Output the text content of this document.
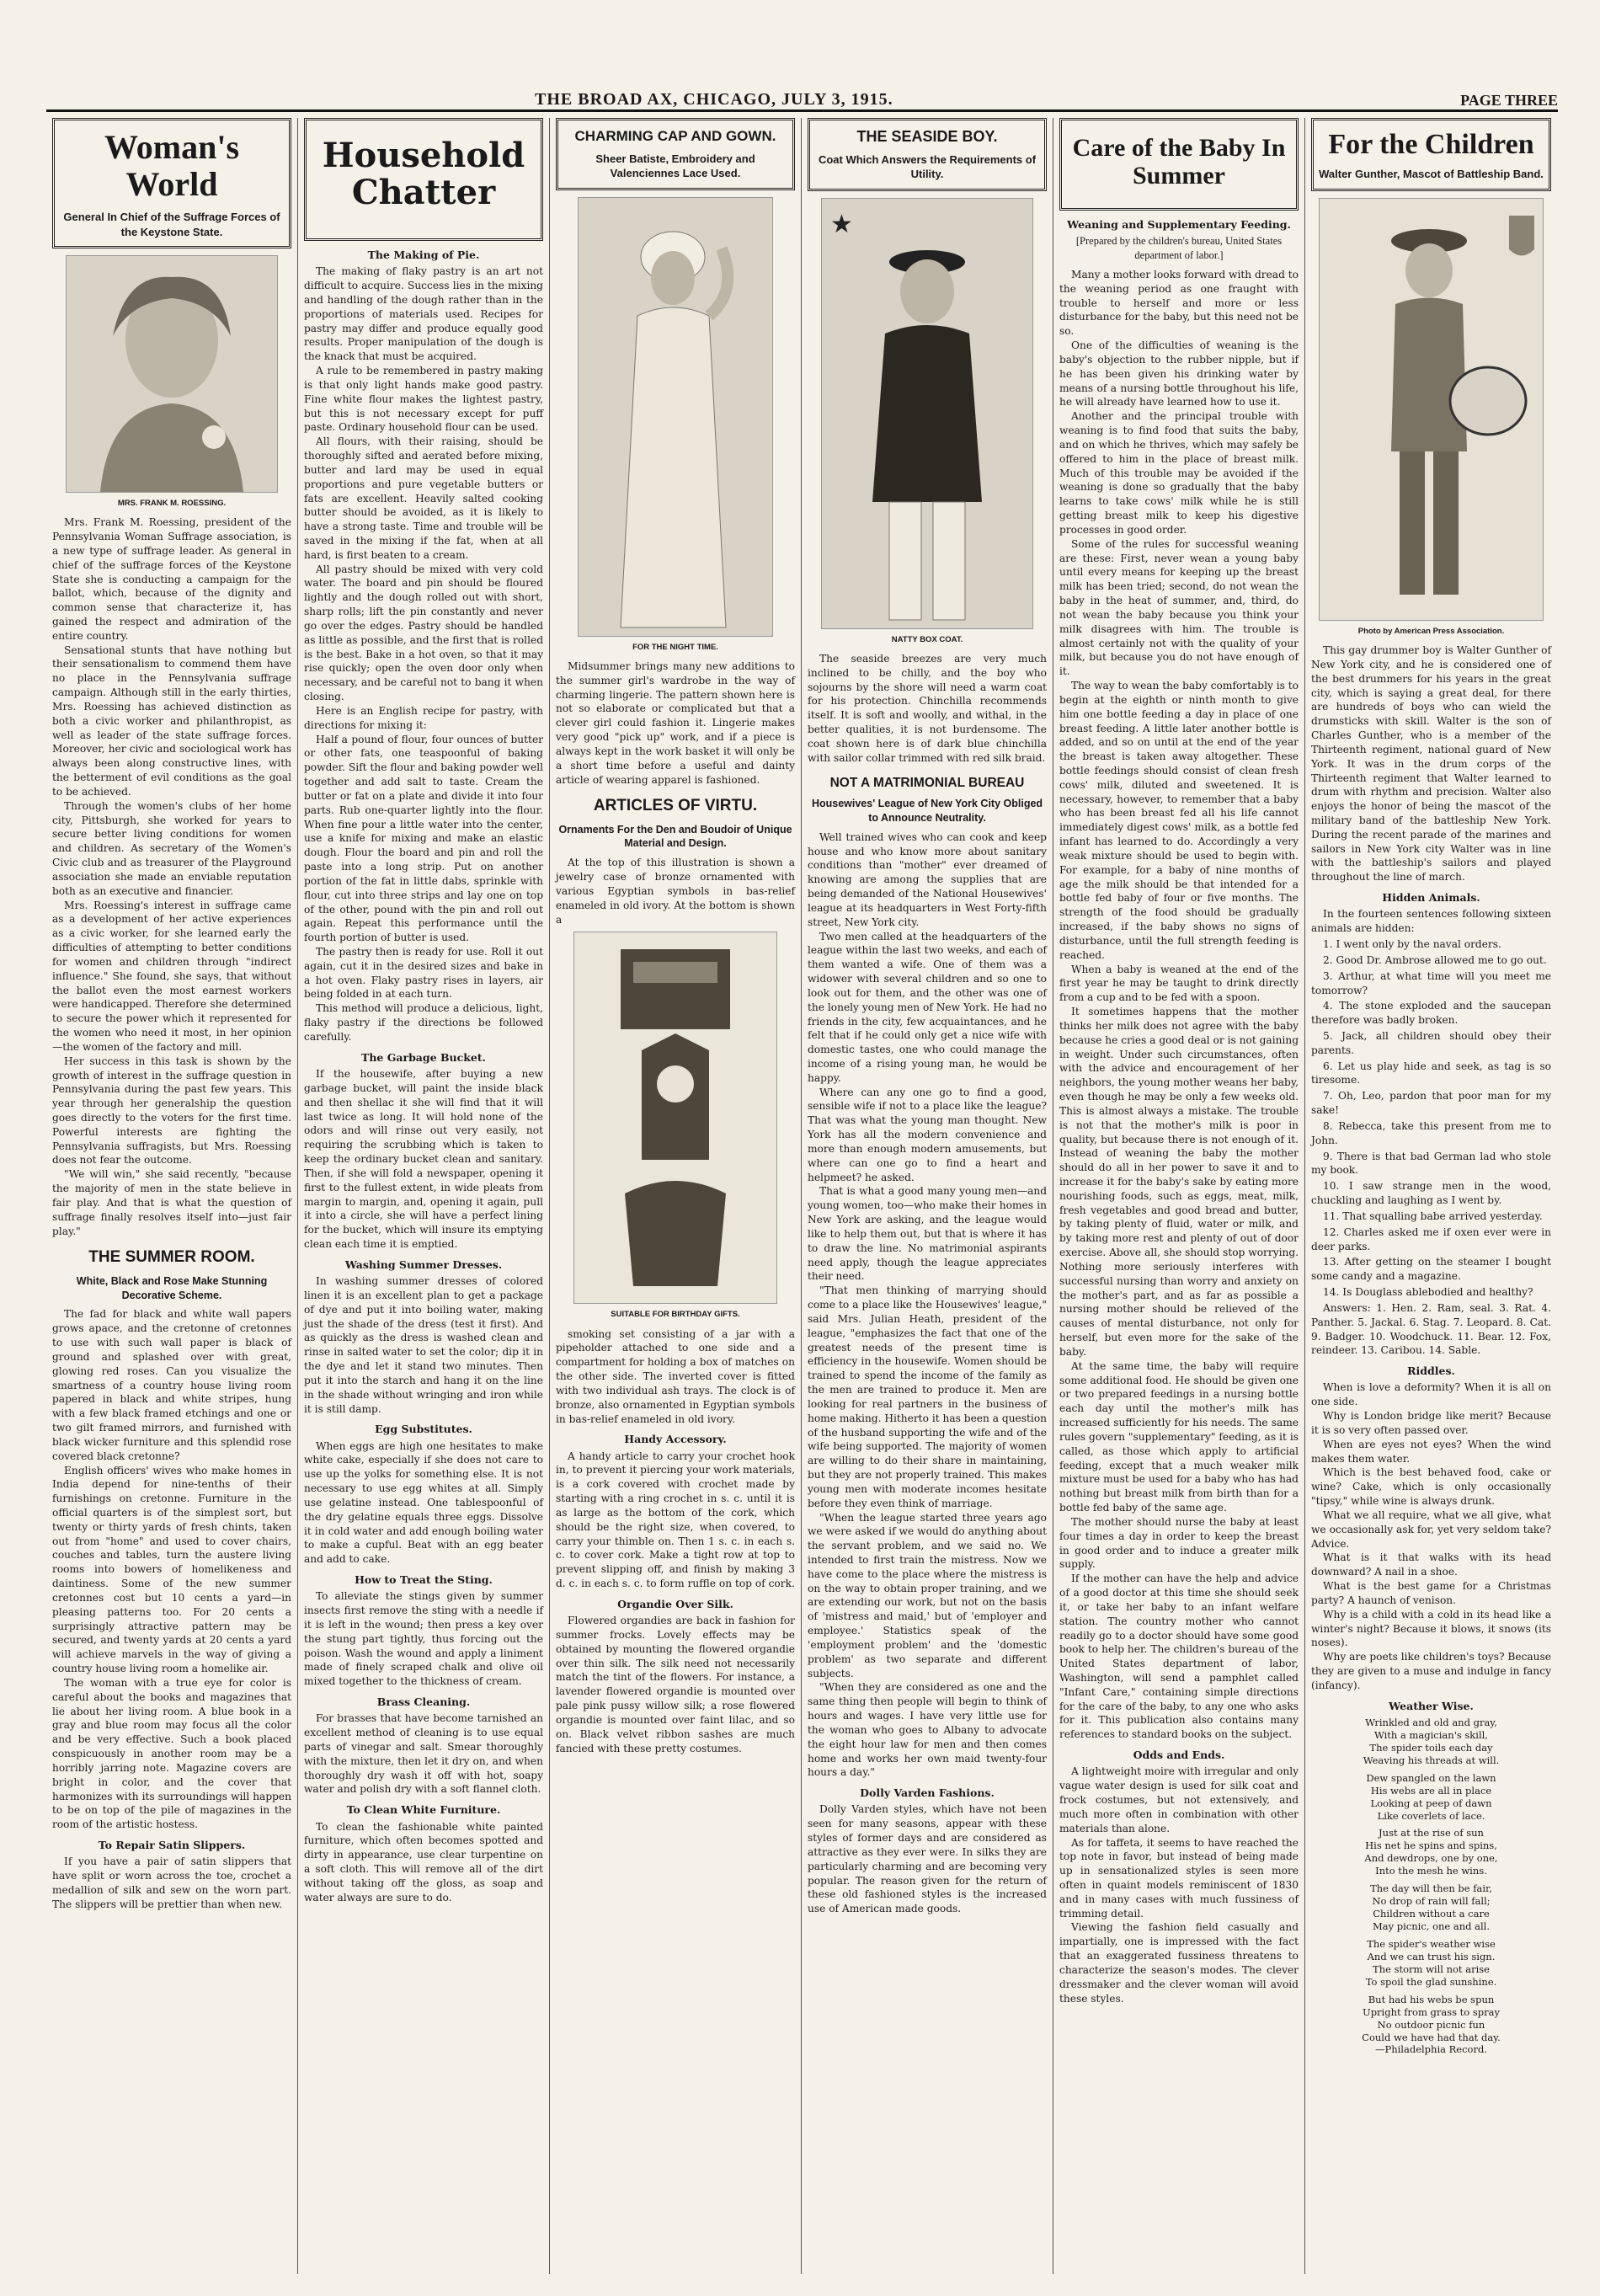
THE BROAD AX, CHICAGO, JULY 3, 1915.	PAGE THREE
Woman's World
General In Chief of the Suffrage Forces of the Keystone State.
MRS. FRANK M. ROESSING.

Mrs. Frank M. Roessing, president of the Pennsylvania Woman Suffrage association, is a new type of suffrage leader. As general in chief of the suffrage forces of the Keystone State she is conducting a campaign for the ballot, which, because of the dignity and common sense that characterize it, has gained the respect and admiration of the entire country.

Sensational stunts that have nothing but their sensationalism to commend them have no place in the Pennsylvania suffrage campaign. Although still in the early thirties, Mrs. Roessing has achieved distinction as both a civic worker and philanthropist, as well as leader of the state suffrage forces. Moreover, her civic and sociological work has always been along constructive lines, with the betterment of evil conditions as the goal to be achieved.

Through the women's clubs of her home city, Pittsburgh, she worked for years to secure better living conditions for women and children. As secretary of the Women's Civic club and as treasurer of the Playground association she made an enviable reputation both as an executive and financier.

Mrs. Roessing's interest in suffrage came as a development of her active experiences as a civic worker, for she learned early the difficulties of attempting to better conditions for women and children through "indirect influence." She found, she says, that without the ballot even the most earnest workers were handicapped. Therefore she determined to secure the power which it represented for the women who need it most, in her opinion—the women of the factory and mill.

Her success in this task is shown by the growth of interest in the suffrage question in Pennsylvania during the past few years. This year through her generalship the question goes directly to the voters for the first time. Powerful interests are fighting the Pennsylvania suffragists, but Mrs. Roessing does not fear the outcome.

"We will win," she said recently, "because the majority of men in the state believe in fair play. And that is what the question of suffrage finally resolves itself into—just fair play."

THE SUMMER ROOM.
White, Black and Rose Make Stunning Decorative Scheme.

The fad for black and white wall papers grows apace, and the cretonne of cretonnes to use with such wall paper is black of ground and splashed over with great, glowing red roses. Can you visualize the smartness of a country house living room papered in black and white stripes, hung with a few black framed etchings and one or two gilt framed mirrors, and furnished with black wicker furniture and this splendid rose covered black cretonne?

English officers' wives who make homes in India depend for nine-tenths of their furnishings on cretonne. Furniture in the official quarters is of the simplest sort, but twenty or thirty yards of fresh chints, taken out from "home" and used to cover chairs, couches and tables, turn the austere living rooms into bowers of homelikeness and daintiness. Some of the new summer cretonnes cost but 10 cents a yard—in pleasing patterns too. For 20 cents a surprisingly attractive pattern may be secured, and twenty yards at 20 cents a yard will achieve marvels in the way of giving a country house living room a homelike air.

The woman with a true eye for color is careful about the books and magazines that lie about her living room. A blue book in a gray and blue room may focus all the color and be very effective. Such a book placed conspicuously in another room may be a horribly jarring note. Magazine covers are bright in color, and the cover that harmonizes with its surroundings will happen to be on top of the pile of magazines in the room of the artistic hostess.

To Repair Satin Slippers.

If you have a pair of satin slippers that have split or worn across the toe, crochet a medallion of silk and sew on the worn part. The slippers will be prettier than when new.

Household Chatter
The Making of Pie.

The making of flaky pastry is an art not difficult to acquire. Success lies in the mixing and handling of the dough rather than in the proportions of materials used. Recipes for pastry may differ and produce equally good results. Proper manipulation of the dough is the knack that must be acquired.

A rule to be remembered in pastry making is that only light hands make good pastry. Fine white flour makes the lightest pastry, but this is not necessary except for puff paste. Ordinary household flour can be used.

All flours, with their raising, should be thoroughly sifted and aerated before mixing, butter and lard may be used in equal proportions and pure vegetable butters or fats are excellent. Heavily salted cooking butter should be avoided, as it is likely to have a strong taste. Time and trouble will be saved in the mixing if the fat, when at all hard, is first beaten to a cream.

All pastry should be mixed with very cold water. The board and pin should be floured lightly and the dough rolled out with short, sharp rolls; lift the pin constantly and never go over the edges. Pastry should be handled as little as possible, and the first that is rolled is the best. Bake in a hot oven, so that it may rise quickly; open the oven door only when necessary, and be careful not to bang it when closing.

Here is an English recipe for pastry, with directions for mixing it:

Half a pound of flour, four ounces of butter or other fats, one teaspoonful of baking powder. Sift the flour and baking powder well together and add salt to taste. Cream the butter or fat on a plate and divide it into four parts. Rub one-quarter lightly into the flour. When fine pour a little water into the center, use a knife for mixing and make an elastic dough. Flour the board and pin and roll the paste into a long strip. Put on another portion of the fat in little dabs, sprinkle with flour, cut into three strips and lay one on top of the other, pound with the pin and roll out again. Repeat this performance until the fourth portion of butter is used.

The pastry then is ready for use. Roll it out again, cut it in the desired sizes and bake in a hot oven. Flaky pastry rises in layers, air being folded in at each turn.

This method will produce a delicious, light, flaky pastry if the directions be followed carefully.

The Garbage Bucket.

If the housewife, after buying a new garbage bucket, will paint the inside black and then shellac it she will find that it will last twice as long. It will hold none of the odors and will rinse out very easily, not requiring the scrubbing which is taken to keep the ordinary bucket clean and sanitary. Then, if she will fold a newspaper, opening it first to the fullest extent, in wide pleats from margin to margin, and, opening it again, pull it into a circle, she will have a perfect lining for the bucket, which will insure its emptying clean each time it is emptied.

Washing Summer Dresses.

In washing summer dresses of colored linen it is an excellent plan to get a package of dye and put it into boiling water, making just the shade of the dress (test it first). And as quickly as the dress is washed clean and rinse in salted water to set the color; dip it in the dye and let it stand two minutes. Then put it into the starch and hang it on the line in the shade without wringing and iron while it is still damp.

Egg Substitutes.

When eggs are high one hesitates to make white cake, especially if she does not care to use up the yolks for something else. It is not necessary to use egg whites at all. Simply use gelatine instead. One tablespoonful of the dry gelatine equals three eggs. Dissolve it in cold water and add enough boiling water to make a cupful. Beat with an egg beater and add to cake.

How to Treat the Sting.

To alleviate the stings given by summer insects first remove the sting with a needle if it is left in the wound; then press a key over the stung part tightly, thus forcing out the poison. Wash the wound and apply a liniment made of finely scraped chalk and olive oil mixed together to the thickness of cream.

Brass Cleaning.

For brasses that have become tarnished an excellent method of cleaning is to use equal parts of vinegar and salt. Smear thoroughly with the mixture, then let it dry on, and when thoroughly dry wash it off with hot, soapy water and polish dry with a soft flannel cloth.

To Clean White Furniture.

To clean the fashionable white painted furniture, which often becomes spotted and dirty in appearance, use clear turpentine on a soft cloth. This will remove all of the dirt without taking off the gloss, as soap and water always are sure to do.

CHARMING CAP AND GOWN.
Sheer Batiste, Embroidery and Valenciennes Lace Used.
FOR THE NIGHT TIME.

Midsummer brings many new additions to the summer girl's wardrobe in the way of charming lingerie. The pattern shown here is not so elaborate or complicated but that a clever girl could fashion it. Lingerie makes very good "pick up" work, and if a piece is always kept in the work basket it will only be a short time before a useful and dainty article of wearing apparel is fashioned.

ARTICLES OF VIRTU.
Ornaments For the Den and Boudoir of Unique Material and Design.

At the top of this illustration is shown a jewelry case of bronze ornamented with various Egyptian symbols in bas-relief enameled in old ivory. At the bottom is shown a

SUITABLE FOR BIRTHDAY GIFTS.

smoking set consisting of a jar with a pipeholder attached to one side and a compartment for holding a box of matches on the other side. The inverted cover is fitted with two individual ash trays. The clock is of bronze, also ornamented in Egyptian symbols in bas-relief enameled in old ivory.

Handy Accessory.

A handy article to carry your crochet hook in, to prevent it piercing your work materials, is a cork covered with crochet made by starting with a ring crochet in s. c. until it is as large as the bottom of the cork, which should be the right size, when covered, to carry your thimble on. Then 1 s. c. in each s. c. to cover cork. Make a tight row at top to prevent slipping off, and finish by making 3 d. c. in each s. c. to form ruffle on top of cork.

Organdie Over Silk.

Flowered organdies are back in fashion for summer frocks. Lovely effects may be obtained by mounting the flowered organdie over thin silk. The silk need not necessarily match the tint of the flowers. For instance, a lavender flowered organdie is mounted over pale pink pussy willow silk; a rose flowered organdie is mounted over faint lilac, and so on. Black velvet ribbon sashes are much fancied with these pretty costumes.

THE SEASIDE BOY.
Coat Which Answers the Requirements of Utility.
★
NATTY BOX COAT.

The seaside breezes are very much inclined to be chilly, and the boy who sojourns by the shore will need a warm coat for his protection. Chinchilla recommends itself. It is soft and woolly, and withal, in the better qualities, it is not burdensome. The coat shown here is of dark blue chinchilla with sailor collar trimmed with red silk braid.

NOT A MATRIMONIAL BUREAU
Housewives' League of New York City Obliged to Announce Neutrality.

Well trained wives who can cook and keep house and who know more about sanitary conditions than "mother" ever dreamed of knowing are among the supplies that are being demanded of the National Housewives' league at its headquarters in West Forty-fifth street, New York city.

Two men called at the headquarters of the league within the last two weeks, and each of them wanted a wife. One of them was a widower with several children and so one to look out for them, and the other was one of the lonely young men of New York. He had no friends in the city, few acquaintances, and he felt that if he could only get a nice wife with domestic tastes, one who could manage the income of a rising young man, he would be happy.

Where can any one go to find a good, sensible wife if not to a place like the league? That was what the young man thought. New York has all the modern convenience and more than enough modern amusements, but where can one go to find a heart and helpmeet? he asked.

That is what a good many young men—and young women, too—who make their homes in New York are asking, and the league would like to help them out, but that is where it has to draw the line. No matrimonial aspirants need apply, though the league appreciates their need.

"That men thinking of marrying should come to a place like the Housewives' league," said Mrs. Julian Heath, president of the league, "emphasizes the fact that one of the greatest needs of the present time is efficiency in the housewife. Women should be trained to spend the income of the family as the men are trained to produce it. Men are looking for real partners in the business of home making. Hitherto it has been a question of the husband supporting the wife and of the wife being supported. The majority of women are willing to do their share in maintaining, but they are not properly trained. This makes young men with moderate incomes hesitate before they even think of marriage.

"When the league started three years ago we were asked if we would do anything about the servant problem, and we said no. We intended to first train the mistress. Now we have come to the place where the mistress is on the way to obtain proper training, and we are extending our work, but not on the basis of 'mistress and maid,' but of 'employer and employee.' Statistics speak of the 'employment problem' and the 'domestic problem' as two separate and different subjects.

"When they are considered as one and the same thing then people will begin to think of hours and wages. I have very little use for the woman who goes to Albany to advocate the eight hour law for men and then comes home and works her own maid twenty-four hours a day."

Dolly Varden Fashions.

Dolly Varden styles, which have not been seen for many seasons, appear with these styles of former days and are considered as attractive as they ever were. In silks they are particularly charming and are becoming very popular. The reason given for the return of these old fashioned styles is the increased use of American made goods.

Care of the Baby In Summer
Weaning and Supplementary Feeding.
[Prepared by the children's bureau, United States department of labor.]

Many a mother looks forward with dread to the weaning period as one fraught with trouble to herself and more or less disturbance for the baby, but this need not be so.

One of the difficulties of weaning is the baby's objection to the rubber nipple, but if he has been given his drinking water by means of a nursing bottle throughout his life, he will already have learned how to use it.

Another and the principal trouble with weaning is to find food that suits the baby, and on which he thrives, which may safely be offered to him in the place of breast milk. Much of this trouble may be avoided if the weaning is done so gradually that the baby learns to take cows' milk while he is still getting breast milk to keep his digestive processes in good order.

Some of the rules for successful weaning are these: First, never wean a young baby until every means for keeping up the breast milk has been tried; second, do not wean the baby in the heat of summer, and, third, do not wean the baby because you think your milk disagrees with him. The trouble is almost certainly not with the quality of your milk, but because you do not have enough of it.

The way to wean the baby comfortably is to begin at the eighth or ninth month to give him one bottle feeding a day in place of one breast feeding. A little later another bottle is added, and so on until at the end of the year the breast is taken away altogether. These bottle feedings should consist of clean fresh cows' milk, diluted and sweetened. It is necessary, however, to remember that a baby who has been breast fed all his life cannot immediately digest cows' milk, as a bottle fed infant has learned to do. Accordingly a very weak mixture should be used to begin with. For example, for a baby of nine months of age the milk should be that intended for a bottle fed baby of four or five months. The strength of the food should be gradually increased, if the baby shows no signs of disturbance, until the full strength feeding is reached.

When a baby is weaned at the end of the first year he may be taught to drink directly from a cup and to be fed with a spoon.

It sometimes happens that the mother thinks her milk does not agree with the baby because he cries a good deal or is not gaining in weight. Under such circumstances, often with the advice and encouragement of her neighbors, the young mother weans her baby, even though he may be only a few weeks old. This is almost always a mistake. The trouble is not that the mother's milk is poor in quality, but because there is not enough of it. Instead of weaning the baby the mother should do all in her power to save it and to increase it for the baby's sake by eating more nourishing foods, such as eggs, meat, milk, fresh vegetables and good bread and butter, by taking plenty of fluid, water or milk, and by taking more rest and plenty of out of door exercise. Above all, she should stop worrying. Nothing more seriously interferes with successful nursing than worry and anxiety on the mother's part, and as far as possible a nursing mother should be relieved of the causes of mental disturbance, not only for herself, but even more for the sake of the baby.

At the same time, the baby will require some additional food. He should be given one or two prepared feedings in a nursing bottle each day until the mother's milk has increased sufficiently for his needs. The same rules govern "supplementary" feeding, as it is called, as those which apply to artificial feeding, except that a much weaker milk mixture must be used for a baby who has had nothing but breast milk from birth than for a bottle fed baby of the same age.

The mother should nurse the baby at least four times a day in order to keep the breast in good order and to induce a greater milk supply.

If the mother can have the help and advice of a good doctor at this time she should seek it, or take her baby to an infant welfare station. The country mother who cannot readily go to a doctor should have some good book to help her. The children's bureau of the United States department of labor, Washington, will send a pamphlet called "Infant Care," containing simple directions for the care of the baby, to any one who asks for it. This publication also contains many references to standard books on the subject.

Odds and Ends.

A lightweight moire with irregular and only vague water design is used for silk coat and frock costumes, but not extensively, and much more often in combination with other materials than alone.

As for taffeta, it seems to have reached the top note in favor, but instead of being made up in sensationalized styles is seen more often in quaint models reminiscent of 1830 and in many cases with much fussiness of trimming detail.

Viewing the fashion field casually and impartially, one is impressed with the fact that an exaggerated fussiness threatens to characterize the season's modes. The clever dressmaker and the clever woman will avoid these styles.

For the Children
Walter Gunther, Mascot of Battleship Band.
Photo by American Press Association.

This gay drummer boy is Walter Gunther of New York city, and he is considered one of the best drummers for his years in the great city, which is saying a great deal, for there are hundreds of boys who can wield the drumsticks with skill. Walter is the son of Charles Gunther, who is a member of the Thirteenth regiment, national guard of New York. It was in the drum corps of the Thirteenth regiment that Walter learned to drum with rhythm and precision. Walter also enjoys the honor of being the mascot of the military band of the battleship New York. During the recent parade of the marines and sailors in New York city Walter was in line with the battleship's sailors and played throughout the line of march.

Hidden Animals.

In the fourteen sentences following sixteen animals are hidden:

1. I went only by the naval orders.

2. Good Dr. Ambrose allowed me to go out.

3. Arthur, at what time will you meet me tomorrow?

4. The stone exploded and the saucepan therefore was badly broken.

5. Jack, all children should obey their parents.

6. Let us play hide and seek, as tag is so tiresome.

7. Oh, Leo, pardon that poor man for my sake!

8. Rebecca, take this present from me to John.

9. There is that bad German lad who stole my book.

10. I saw strange men in the wood, chuckling and laughing as I went by.

11. That squalling babe arrived yesterday.

12. Charles asked me if oxen ever were in deer parks.

13. After getting on the steamer I bought some candy and a magazine.

14. Is Douglass ablebodied and healthy?

Answers: 1. Hen. 2. Ram, seal. 3. Rat. 4. Panther. 5. Jackal. 6. Stag. 7. Leopard. 8. Cat. 9. Badger. 10. Woodchuck. 11. Bear. 12. Fox, reindeer. 13. Caribou. 14. Sable.

Riddles.

When is love a deformity? When it is all on one side.

Why is London bridge like merit? Because it is so very often passed over.

When are eyes not eyes? When the wind makes them water.

Which is the best behaved food, cake or wine? Cake, which is only occasionally "tipsy," while wine is always drunk.

What we all require, what we all give, what we occasionally ask for, yet very seldom take? Advice.

What is it that walks with its head downward? A nail in a shoe.

What is the best game for a Christmas party? A haunch of venison.

Why is a child with a cold in its head like a winter's night? Because it blows, it snows (its noses).

Why are poets like children's toys? Because they are given to a muse and indulge in fancy (infancy).

Weather Wise.
Wrinkled and old and gray,
With a magician's skill,
The spider toils each day
Weaving his threads at will.
Dew spangled on the lawn
His webs are all in place
Looking at peep of dawn
Like coverlets of lace.
Just at the rise of sun
His net he spins and spins,
And dewdrops, one by one,
Into the mesh he wins.
The day will then be fair,
No drop of rain will fall;
Children without a care
May picnic, one and all.
The spider's weather wise
And we can trust his sign.
The storm will not arise
To spoil the glad sunshine.
But had his webs be spun
Upright from grass to spray
No outdoor picnic fun
Could we have had that day.
—Philadelphia Record.
